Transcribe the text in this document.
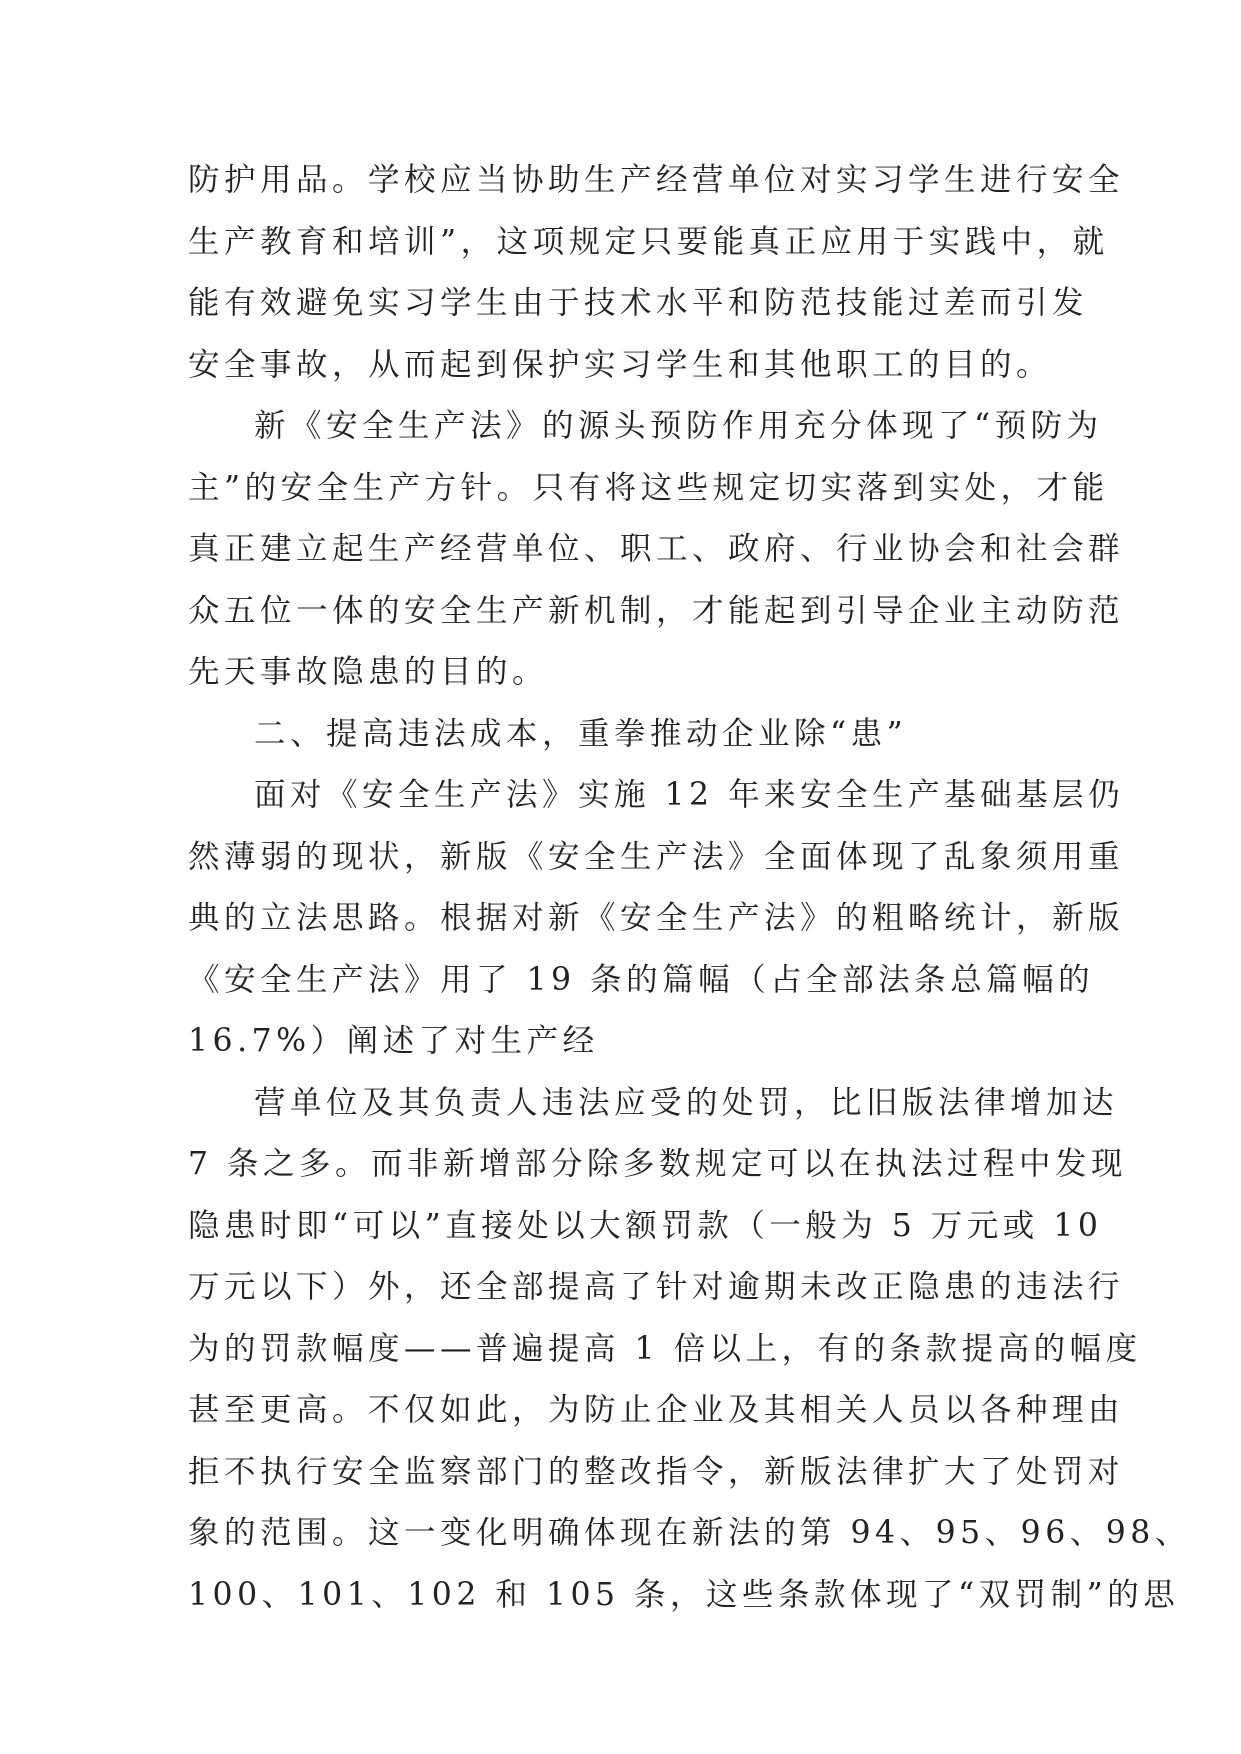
防护用品。学校应当协助生产经营单位对实习学生进行安全
生产教育和培训”，这项规定只要能真正应用于实践中，就
能有效避免实习学生由于技术水平和防范技能过差而引发
安全事故，从而起到保护实习学生和其他职工的目的。
新《安全生产法》的源头预防作用充分体现了“预防为
主”的安全生产方针。只有将这些规定切实落到实处，才能
真正建立起生产经营单位、职工、政府、行业协会和社会群
众五位一体的安全生产新机制，才能起到引导企业主动防范
先天事故隐患的目的。
二、提高违法成本，重拳推动企业除“患”
面对《安全生产法》实施 12 年来安全生产基础基层仍
然薄弱的现状，新版《安全生产法》全面体现了乱象须用重
典的立法思路。根据对新《安全生产法》的粗略统计，新版
《安全生产法》用了 19 条的篇幅（占全部法条总篇幅的
16.7%）阐述了对生产经
营单位及其负责人违法应受的处罚，比旧版法律增加达
7 条之多。而非新增部分除多数规定可以在执法过程中发现
隐患时即“可以”直接处以大额罚款（一般为 5 万元或 10
万元以下）外，还全部提高了针对逾期未改正隐患的违法行
为的罚款幅度——普遍提高 1 倍以上，有的条款提高的幅度
甚至更高。不仅如此，为防止企业及其相关人员以各种理由
拒不执行安全监察部门的整改指令，新版法律扩大了处罚对
象的范围。这一变化明确体现在新法的第 94、95、96、98、
100、101、102 和 105 条，这些条款体现了“双罚制”的思
